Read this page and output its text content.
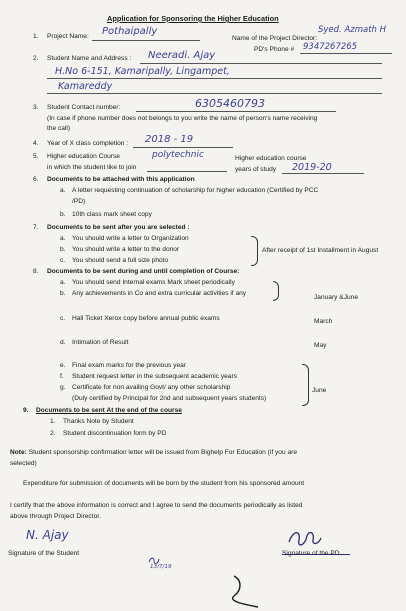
Application for Sponsoring the Higher Education
1. Project Name: Pothaipally
Name of the Project Director:
Syed. Azmath H
PD's Phone # 9347267265
2. Student Name and Address : Neeradi. Ajay
H.No 6-151, Kamaripally, Lingampet,
Kamareddy
3. Student Contact number:	6305460793
(In case if phone number does not belongs to you write the name of person's name receiving
the call)
4. Year of X class completion : 2018 - 19
5. Higher education Course
in which the student like to join
polytechnic	Higher education course
years of study 2019-20
6. Documents to be attached with this application
a. A letter requesting continuation of scholarship for higher education (Certified by PCC
/PD)
b. 10th class mark sheet copy
7. Documents to be sent after you are selected :
a. You should write a letter to Organization
b. You should write a letter to the donor
c. You should send a full size photo
After receipt of 1st Installment in August
8. Documents to be sent during and until completion of Course:
a. You should send Internal exams Mark sheet periodically
b. Any achievements in Co and extra curricular activities if any
January &June
c. Hall Ticket Xerox copy before annual public exams	March
d. Intimation of Result	May
e. Final exam marks for the previous year
f. Student request letter in the subsequent academic years
g. Certificate for non availing Govt/ any other scholarship
(Duly certified by Principal for 2nd and subsequent years students)
June
9. Documents to be sent At the end of the course
1. Thanks Note by Student
2. Student discontinuation form by PD
Note: Student sponsorship confirmation letter will be issued from Bighelp For Education (if you are
selected)
Expenditure for submission of documents will be born by the student from his sponsored amount
I certify that the above information is correct and I agree to send the documents periodically as listed
above through Project Director.
N. Ajay
Signature of the Student	Signature of the PD
13/7/19
